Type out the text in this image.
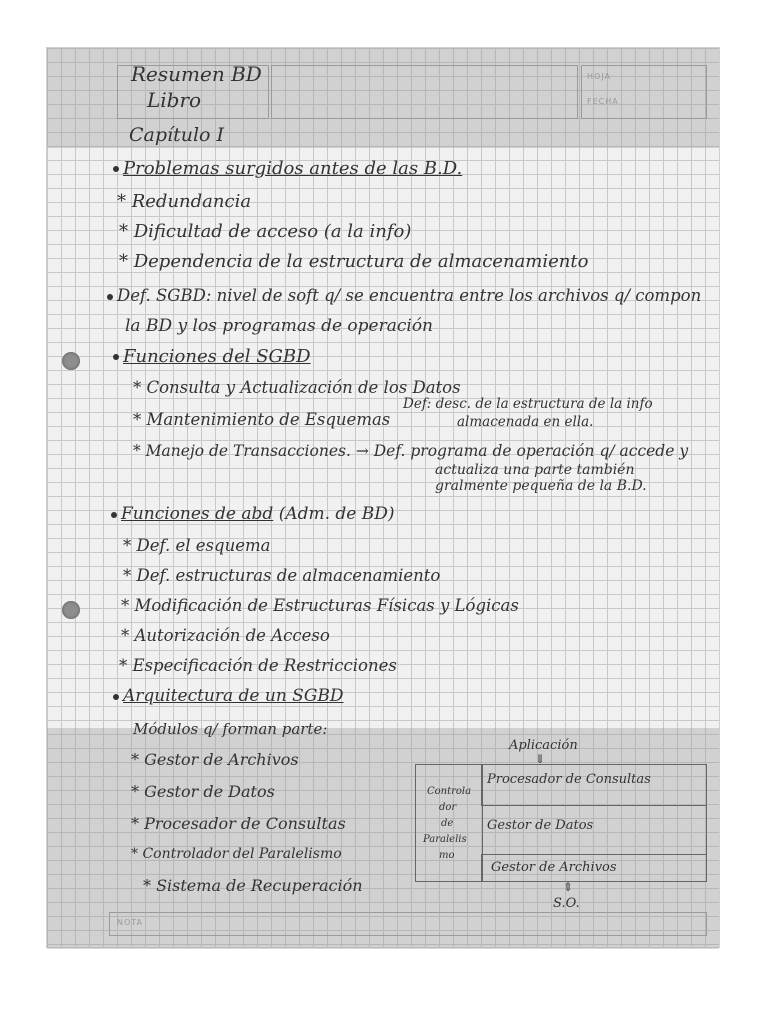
HOJA
FECHA
Resumen BD
Libro
Capítulo I
Problemas surgidos antes de las B.D.
* Redundancia
* Dificultad de acceso (a la info)
* Dependencia de la estructura de almacenamiento
Def. SGBD: nivel de soft q/ se encuentra entre los archivos q/ compon
la BD y los programas de operación
Funciones del SGBD
* Consulta y Actualización de los Datos
* Mantenimiento de Esquemas
Def: desc. de la estructura de la info
almacenada en ella.
* Manejo de Transacciones. → Def. programa de operación q/ accede y
actualiza una parte también
gralmente pequeña de la B.D.
Funciones de abd (Adm. de BD)
* Def. el esquema
* Def. estructuras de almacenamiento
* Modificación de Estructuras Físicas y Lógicas
* Autorización de Acceso
* Especificación de Restricciones
Arquitectura de un SGBD
Módulos q/ forman parte:
* Gestor de Archivos
* Gestor de Datos
* Procesador de Consultas
* Controlador del Paralelismo
* Sistema de Recuperación
Aplicación
⇓
Controla
dor
de
Paralelis
mo
Procesador de Consultas
Gestor de Datos
Gestor de Archivos
⇕
S.O.
NOTA
